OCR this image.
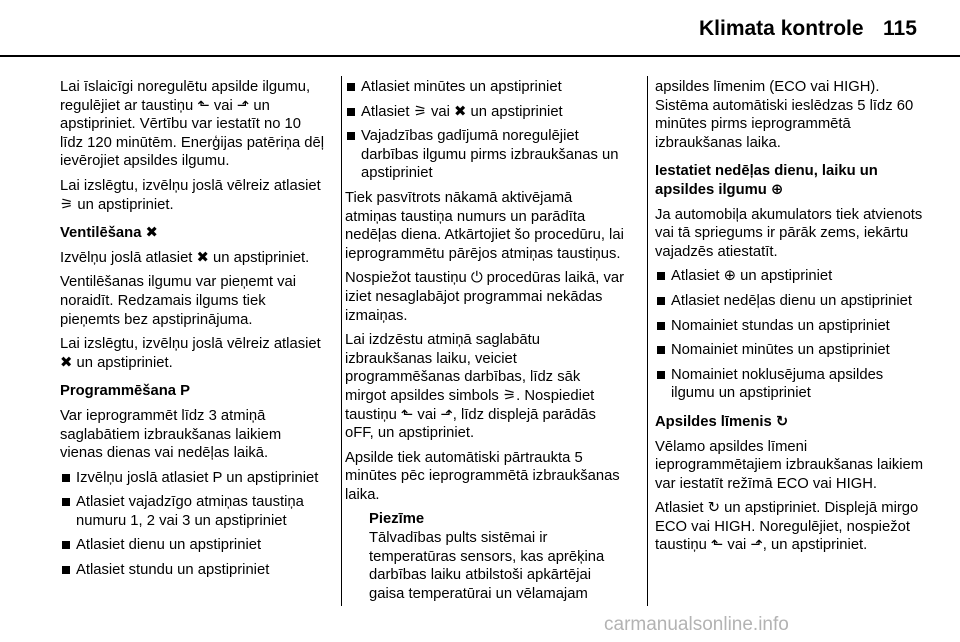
Klimata kontrole 115
Lai īslaicīgi noregulētu apsilde ilgumu, regulējiet ar taustiņu ⬑ vai ⬏ un apstipriniet. Vērtību var iestatīt no 10 līdz 120 minūtēm. Enerģijas patēriņa dēļ ievērojiet apsildes ilgumu.
Lai izslēgtu, izvēlņu joslā vēlreiz atlasiet ⚞ un apstipriniet.
Ventilēšana ✖
Izvēlņu joslā atlasiet ✖ un apstipriniet.
Ventilēšanas ilgumu var pieņemt vai noraidīt. Redzamais ilgums tiek pieņemts bez apstiprinājuma.
Lai izslēgtu, izvēlņu joslā vēlreiz atlasiet ✖ un apstipriniet.
Programmēšana P
Var ieprogrammēt līdz 3 atmiņā saglabātiem izbraukšanas laikiem vienas dienas vai nedēļas laikā.
Izvēlņu joslā atlasiet P un apstipriniet
Atlasiet vajadzīgo atmiņas taustiņa numuru 1, 2 vai 3 un apstipriniet
Atlasiet dienu un apstipriniet
Atlasiet stundu un apstipriniet
Atlasiet minūtes un apstipriniet
Atlasiet ⚞ vai ✖ un apstipriniet
Vajadzības gadījumā noregulējiet darbības ilgumu pirms izbraukšanas un apstipriniet
Tiek pasvītrots nākamā aktivējamā atmiņas taustiņa numurs un parādīta nedēļas diena. Atkārtojiet šo procedūru, lai ieprogrammētu pārējos atmiņas taustiņus.
Nospiežot taustiņu ⏻ procedūras laikā, var iziet nesaglabājot programmai nekādas izmaiņas.
Lai izdzēstu atmiņā saglabātu izbraukšanas laiku, veiciet programmēšanas darbības, līdz sāk mirgot apsildes simbols ⚞. Nospiediet taustiņu ⬑ vai ⬏, līdz displejā parādās oFF, un apstipriniet.
Apsilde tiek automātiski pārtraukta 5 minūtes pēc ieprogrammētā izbraukšanas laika.
Piezīme
Tālvadības pults sistēmai ir temperatūras sensors, kas aprēķina darbības laiku atbilstoši apkārtējai gaisa temperatūrai un vēlamajam
apsildes līmenim (ECO vai HIGH). Sistēma automātiski ieslēdzas 5 līdz 60 minūtes pirms ieprogrammētā izbraukšanas laika.
Iestatiet nedēļas dienu, laiku un apsildes ilgumu ⊕
Ja automobiļa akumulators tiek atvienots vai tā spriegums ir pārāk zems, iekārtu vajadzēs atiestatīt.
Atlasiet ⊕ un apstipriniet
Atlasiet nedēļas dienu un apstipriniet
Nomainiet stundas un apstipriniet
Nomainiet minūtes un apstipriniet
Nomainiet noklusējuma apsildes ilgumu un apstipriniet
Apsildes līmenis ↻
Vēlamo apsildes līmeni ieprogrammētajiem izbraukšanas laikiem var iestatīt režīmā ECO vai HIGH.
Atlasiet ↻ un apstipriniet. Displejā mirgo ECO vai HIGH. Noregulējiet, nospiežot taustiņu ⬑ vai ⬏, un apstipriniet.
carmanualsonline.info
